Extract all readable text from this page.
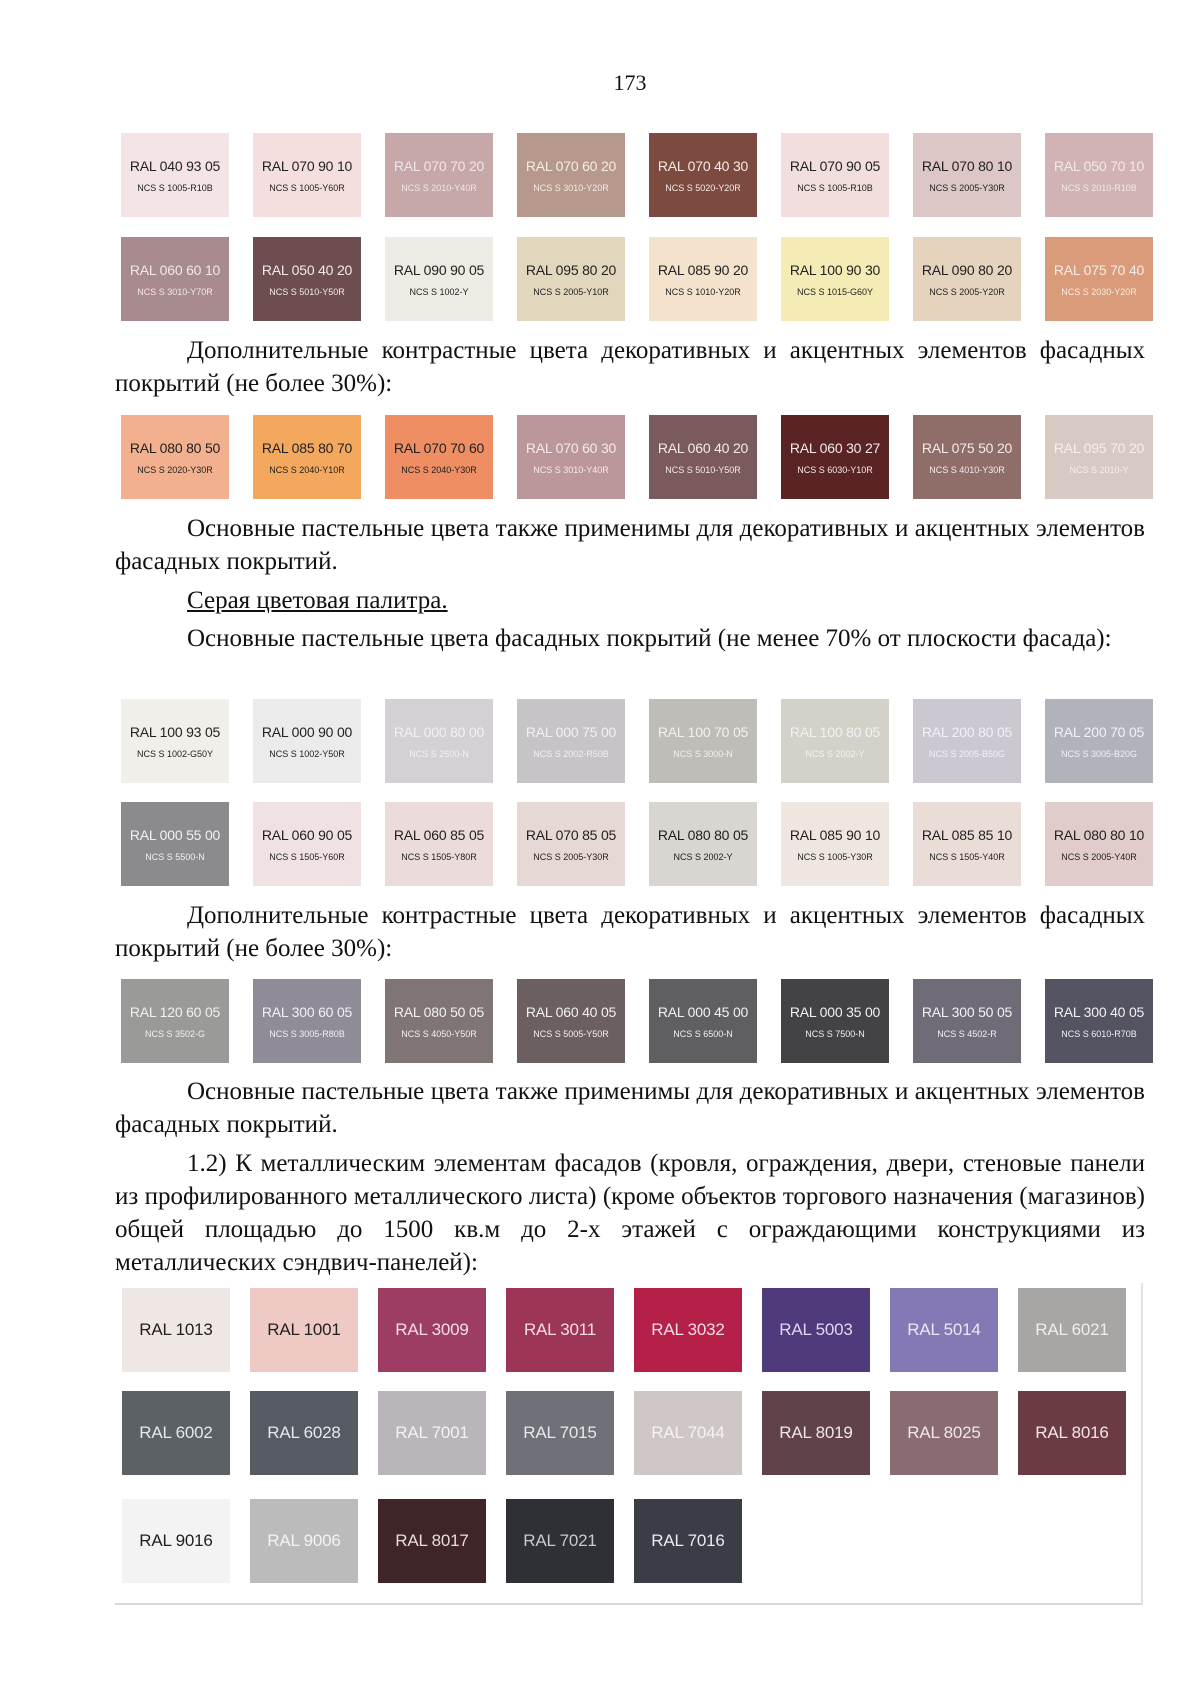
173
RAL 040 93 05
NCS S 1005-R10B
RAL 070 90 10
NCS S 1005-Y60R
RAL 070 70 20
NCS S 2010-Y40R
RAL 070 60 20
NCS S 3010-Y20R
RAL 070 40 30
NCS S 5020-Y20R
RAL 070 90 05
NCS S 1005-R10B
RAL 070 80 10
NCS S 2005-Y30R
RAL 050 70 10
NCS S 2010-R10B
RAL 060 60 10
NCS S 3010-Y70R
RAL 050 40 20
NCS S 5010-Y50R
RAL 090 90 05
NCS S 1002-Y
RAL 095 80 20
NCS S 2005-Y10R
RAL 085 90 20
NCS S 1010-Y20R
RAL 100 90 30
NCS S 1015-G60Y
RAL 090 80 20
NCS S 2005-Y20R
RAL 075 70 40
NCS S 2030-Y20R
Дополнительные контрастные цвета декоративных и акцентных элементов фасадных покрытий (не более 30%):
RAL 080 80 50
NCS S 2020-Y30R
RAL 085 80 70
NCS S 2040-Y10R
RAL 070 70 60
NCS S 2040-Y30R
RAL 070 60 30
NCS S 3010-Y40R
RAL 060 40 20
NCS S 5010-Y50R
RAL 060 30 27
NCS S 6030-Y10R
RAL 075 50 20
NCS S 4010-Y30R
RAL 095 70 20
NCS S 2010-Y
Основные пастельные цвета также применимы для декоративных и акцентных элементов фасадных покрытий.
Серая цветовая палитра.
Основные пастельные цвета фасадных покрытий (не менее 70% от плоскости фасада):
RAL 100 93 05
NCS S 1002-G50Y
RAL 000 90 00
NCS S 1002-Y50R
RAL 000 80 00
NCS S 2500-N
RAL 000 75 00
NCS S 2002-R50B
RAL 100 70 05
NCS S 3000-N
RAL 100 80 05
NCS S 2002-Y
RAL 200 80 05
NCS S 2005-B50G
RAL 200 70 05
NCS S 3005-B20G
RAL 000 55 00
NCS S 5500-N
RAL 060 90 05
NCS S 1505-Y60R
RAL 060 85 05
NCS S 1505-Y80R
RAL 070 85 05
NCS S 2005-Y30R
RAL 080 80 05
NCS S 2002-Y
RAL 085 90 10
NCS S 1005-Y30R
RAL 085 85 10
NCS S 1505-Y40R
RAL 080 80 10
NCS S 2005-Y40R
Дополнительные контрастные цвета декоративных и акцентных элементов фасадных покрытий (не более 30%):
RAL 120 60 05
NCS S 3502-G
RAL 300 60 05
NCS S 3005-R80B
RAL 080 50 05
NCS S 4050-Y50R
RAL 060 40 05
NCS S 5005-Y50R
RAL 000 45 00
NCS S 6500-N
RAL 000 35 00
NCS S 7500-N
RAL 300 50 05
NCS S 4502-R
RAL 300 40 05
NCS S 6010-R70B
Основные пастельные цвета также применимы для декоративных и акцентных элементов фасадных покрытий.
1.2) К металлическим элементам фасадов (кровля, ограждения, двери, стеновые панели из профилированного металлического листа) (кроме объектов торгового назначения (магазинов) общей площадью до 1500 кв.м до 2-х этажей с ограждающими конструкциями из металлических сэндвич-панелей):
RAL 1013	RAL 1001	RAL 3009	RAL 3011	RAL 3032	RAL 5003	RAL 5014	RAL 6021
RAL 6002	RAL 6028	RAL 7001	RAL 7015	RAL 7044	RAL 8019	RAL 8025	RAL 8016
RAL 9016	RAL 9006	RAL 8017	RAL 7021	RAL 7016
